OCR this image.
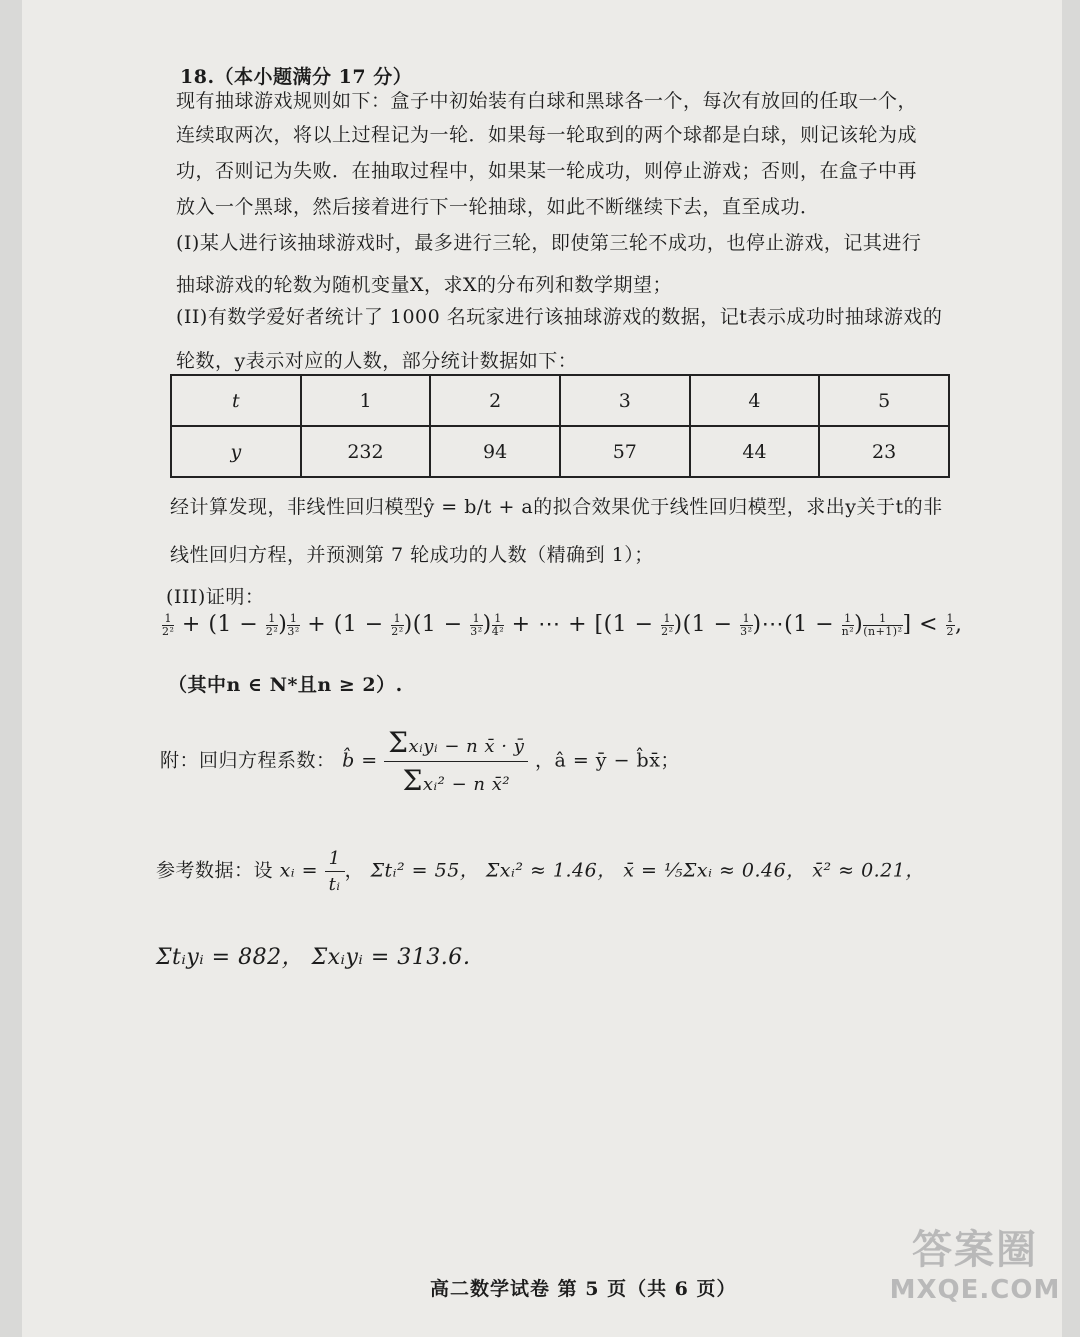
18.（本小题满分 17 分）
现有抽球游戏规则如下：盒子中初始装有白球和黑球各一个，每次有放回的任取一个，
连续取两次，将以上过程记为一轮．如果每一轮取到的两个球都是白球，则记该轮为成
功，否则记为失败．在抽取过程中，如果某一轮成功，则停止游戏；否则，在盒子中再
放入一个黑球，然后接着进行下一轮抽球，如此不断继续下去，直至成功．
(I)某人进行该抽球游戏时，最多进行三轮，即使第三轮不成功，也停止游戏，记其进行
抽球游戏的轮数为随机变量X，求X的分布列和数学期望；
(II)有数学爱好者统计了 1000 名玩家进行该抽球游戏的数据，记t表示成功时抽球游戏的
轮数，y表示对应的人数，部分统计数据如下：
t	1	2	3	4	5
y	232	94	57	44	23
经计算发现，非线性回归模型ŷ = b/t + a的拟合效果优于线性回归模型，求出y关于t的非
线性回归方程，并预测第 7 轮成功的人数（精确到 1）；
(III)证明：
$\frac{1}{\text{2²}} + (1 - \frac{1}{\text{2²}}$ ) $\frac{1}{\text{3²}} + (1 - \frac{1}{\text{2²}} )(1 - \frac{1}{\text{3²}}$ ) $\frac{1}{\text{4²}}$ + ⋯ + [$(1 - \frac{1}{\text{2²}} )(1 - \frac{1}{\text{3²}}$ )⋯(1 − $\frac{1}{\text{n²}}$ ) $\frac{1}{\text{(n+1)²}}$ ] < $\frac{1}{2}$ ,
（其中n ∈ N*且n ≥ 2）.
附：回归方程系数： b̂ = $\frac{\text{Σxᵢyᵢ − n x̄ · ȳ}}{\text{Σxᵢ² − n x̄²}}$ ，â = ȳ − b̂x̄；
参考数据：设 xᵢ = $\frac{1}{\text{tᵢ}}$ ， Σtᵢ² = 55， Σxᵢ² ≈ 1.46， x̄ = ⅕Σxᵢ ≈ 0.46， x̄² ≈ 0.21，
Σtᵢyᵢ = 882， Σxᵢyᵢ = 313.6．
高二数学试卷 第 5 页（共 6 页）
答案圈
MXQE.COM
